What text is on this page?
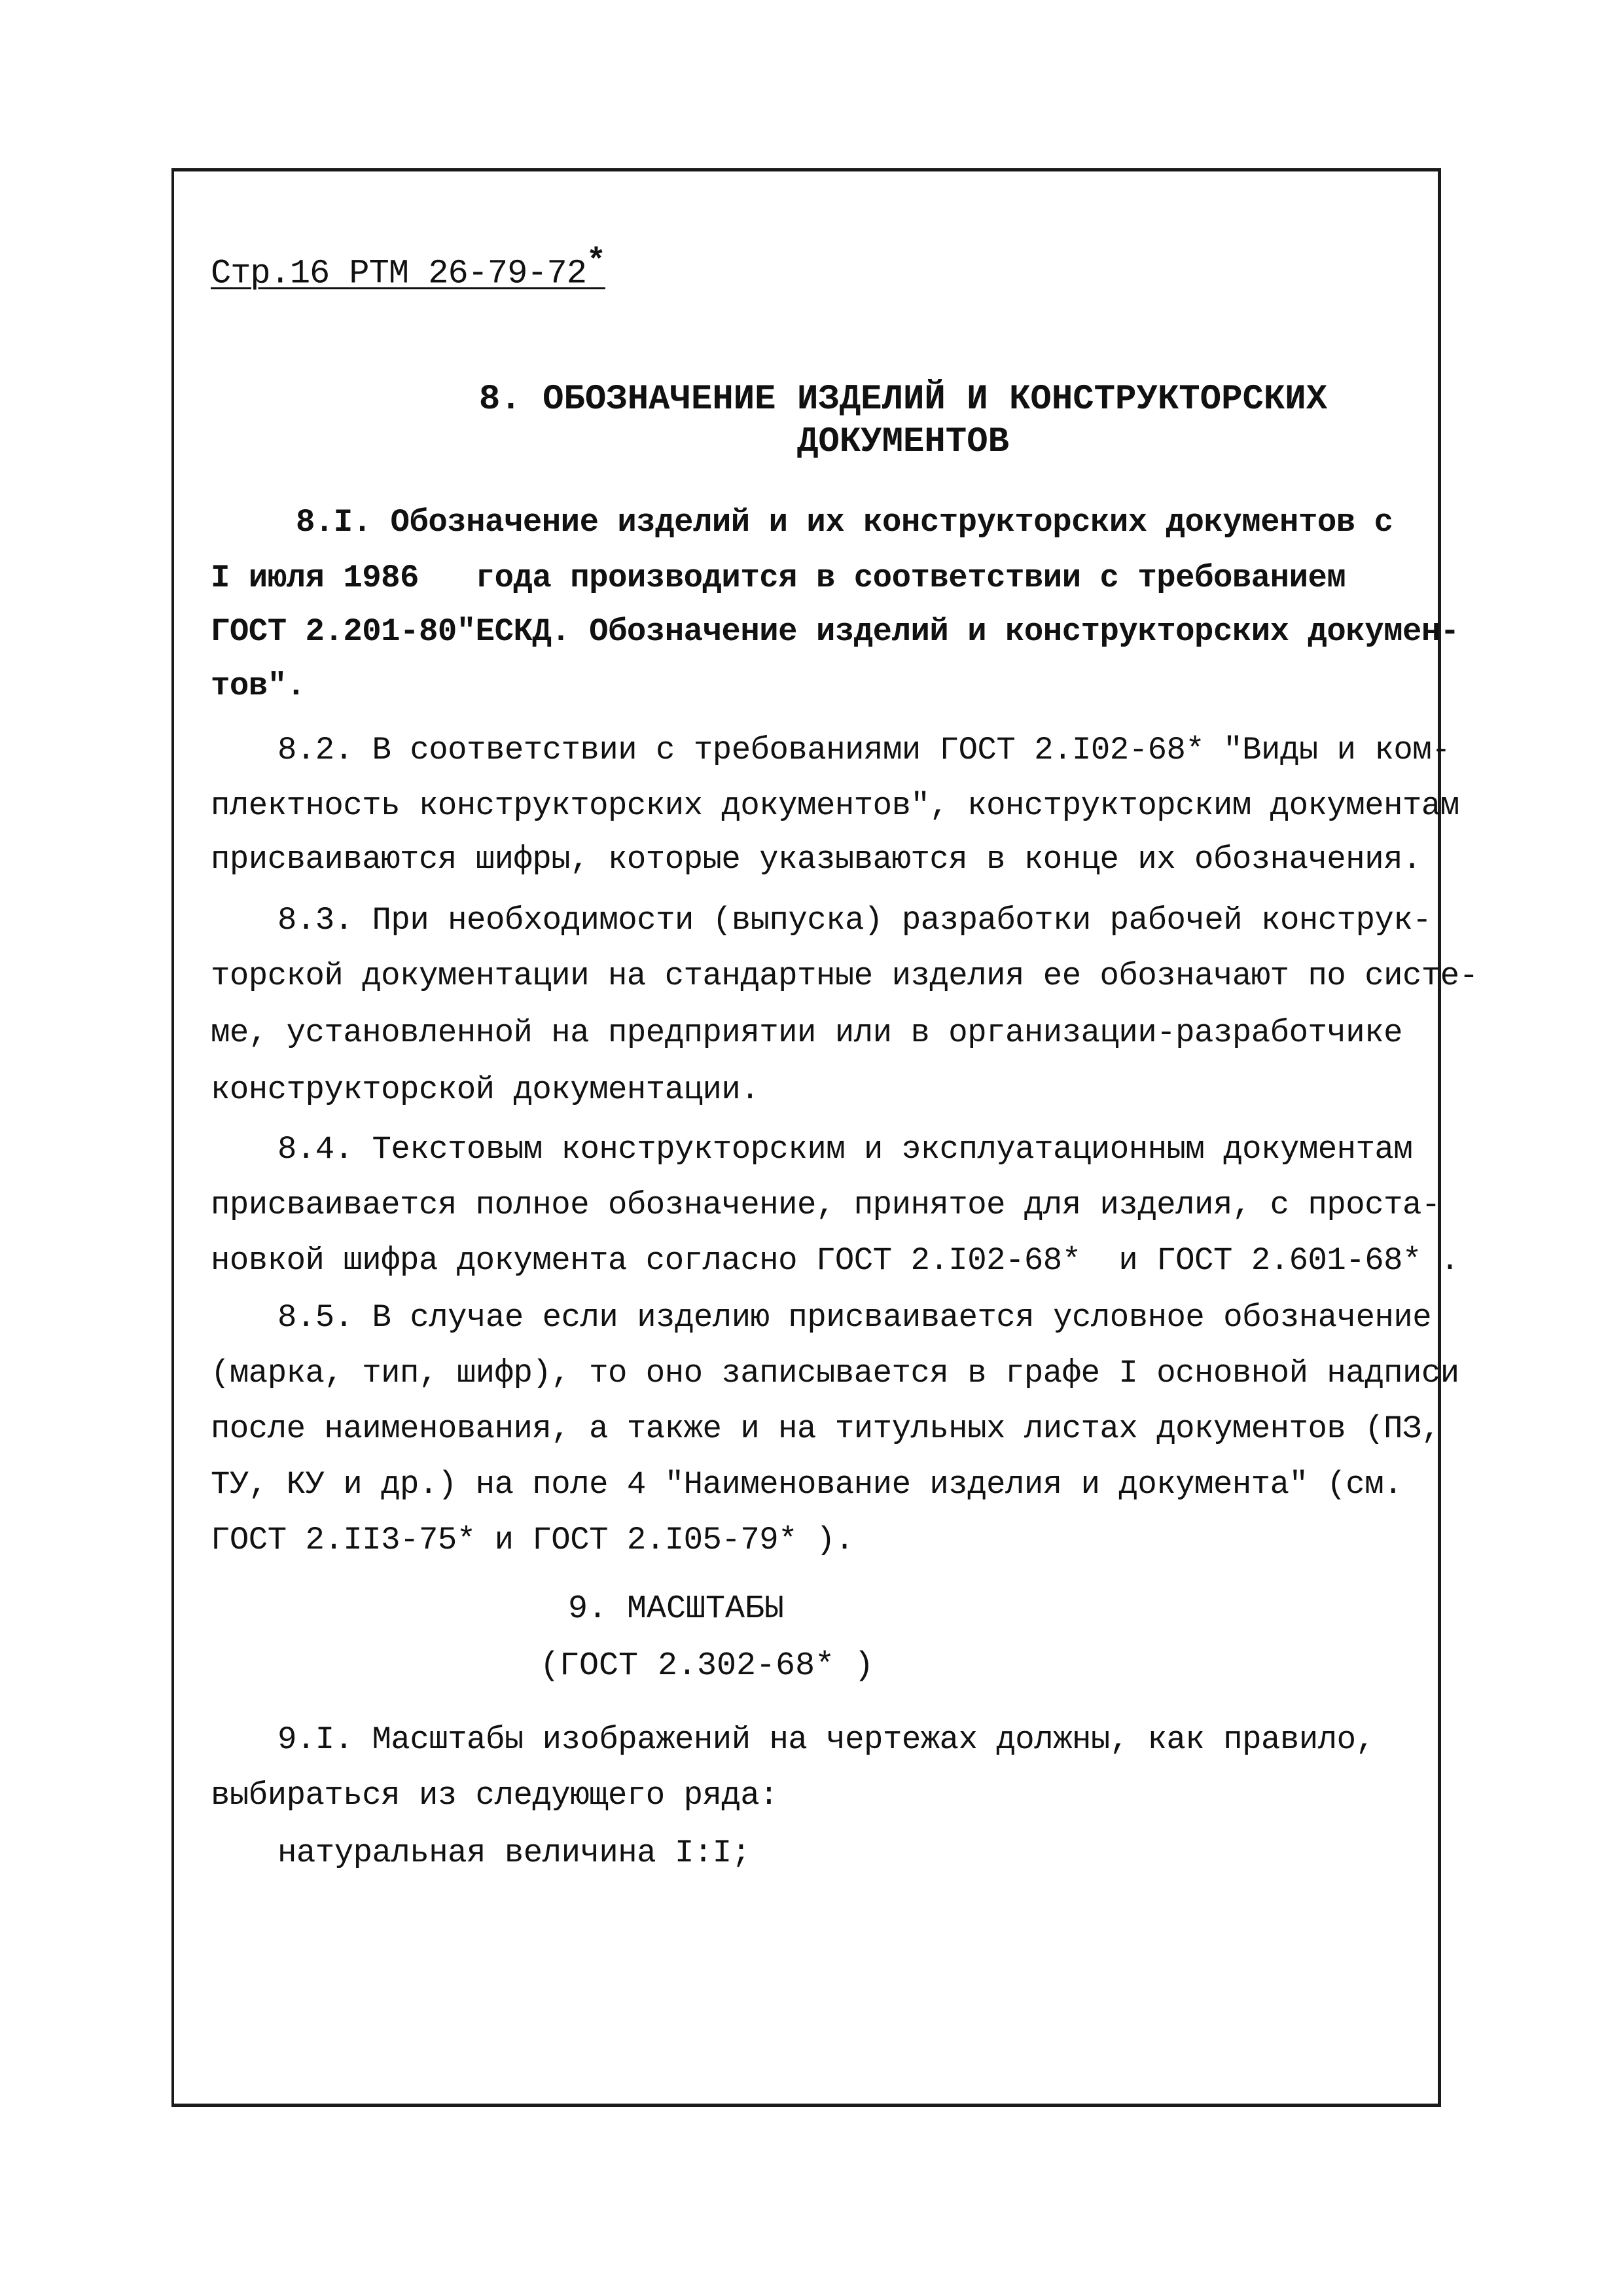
Стр.16 РТМ 26-79-72*
8. ОБОЗНАЧЕНИЕ ИЗДЕЛИЙ И КОНСТРУКТОРСКИХ
ДОКУМЕНТОВ
8.I. Обозначение изделий и их конструкторских документов с
I июля 1986   года производится в соответствии с требованием
ГОСТ 2.201-80"ЕСКД. Обозначение изделий и конструкторских докумен-
тов".
8.2. В соответствии с требованиями ГОСТ 2.I02-68* "Виды и ком-
плектность конструкторских документов", конструкторским документам
присваиваются шифры, которые указываются в конце их обозначения.
8.3. При необходимости (выпуска) разработки рабочей конструк-
торской документации на стандартные изделия ее обозначают по систе-
ме, установленной на предприятии или в организации-разработчике
конструкторской документации.
8.4. Текстовым конструкторским и эксплуатационным документам
присваивается полное обозначение, принятое для изделия, с проста-
новкой шифра документа согласно ГОСТ 2.I02-68*  и ГОСТ 2.601-68* .
8.5. В случае если изделию присваивается условное обозначение
(марка, тип, шифр), то оно записывается в графе I основной надписи
после наименования, а также и на титульных листах документов (ПЗ,
ТУ, КУ и др.) на поле 4 "Наименование изделия и документа" (см.
ГОСТ 2.II3-75* и ГОСТ 2.I05-79* ).
9. МАСШТАБЫ
(ГОСТ 2.302-68* )
9.I. Масштабы изображений на чертежах должны, как правило,
выбираться из следующего ряда:
натуральная величина I:I;
